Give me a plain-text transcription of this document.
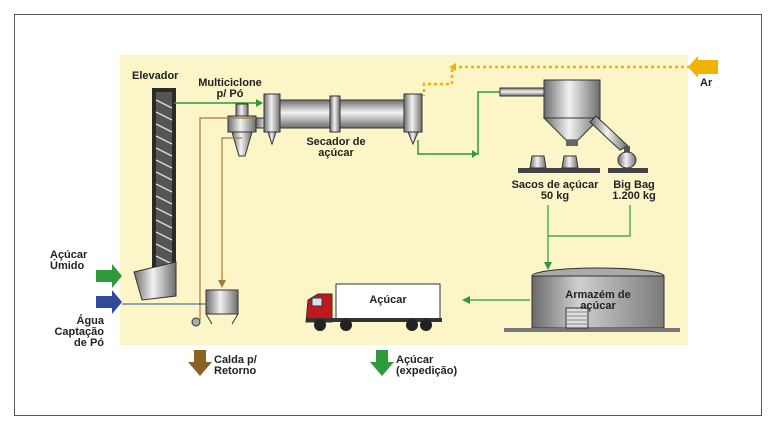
Elevador
Multiciclone
p/ Pó
Secador de
açúcar
Ar
Sacos de açúcar
50 kg
Big Bag
1.200 kg
Açúcar
Úmido
Água
Captação
de Pó
Açúcar	Armazém de
açúcar
Calda p/
Retorno
Açúcar
(expedição)
